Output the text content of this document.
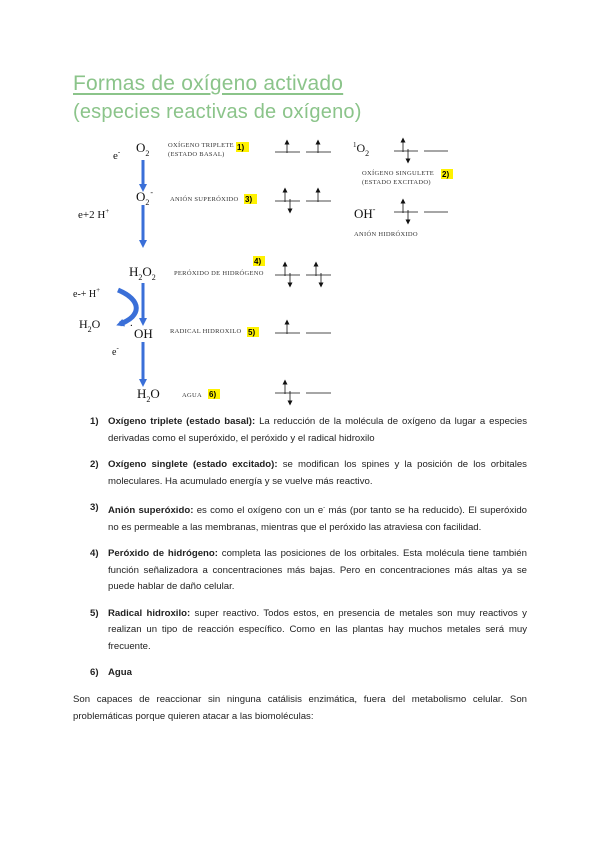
Formas de oxígeno activado
(especies reactivas de oxígeno)
e- $O_2$
$O_2^-$
e+2 H+
$H_2O_2$
e-+ H+
$H_2O$	.
OH
e-
$H_2O$
OXÍGENO TRIPLETE
(ESTADO BASAL)
ANIÓN SUPERÓXIDO
PERÓXIDO DE HIDRÓGENO
RADICAL HIDROXILO
AGUA
OXÍGENO SINGULETE
(ESTADO EXCITADO)
ANIÓN HIDRÓXIDO
1)
2)
3)
4)
5)
6)
$^1O_2$
OH-
1) Oxígeno triplete (estado basal): La reducción de la molécula de oxígeno da lugar a especies derivadas como el superóxido, el peróxido y el radical hidroxilo
2) Oxígeno singlete (estado excitado): se modifican los spines y la posición de los orbitales moleculares. Ha acumulado energía y se vuelve más reactivo.
3) Anión superóxido: es como el oxígeno con un e- más (por tanto se ha reducido). El superóxido no es permeable a las membranas, mientras que el peróxido las atraviesa con facilidad.
4) Peróxido de hidrógeno: completa las posiciones de los orbitales. Esta molécula tiene también función señalizadora a concentraciones más bajas. Pero en concentraciones más altas ya se puede hablar de daño celular.
5) Radical hidroxilo: super reactivo. Todos estos, en presencia de metales son muy reactivos y realizan un tipo de reacción específico. Como en las plantas hay muchos metales será muy frecuente.
6) Agua

Son capaces de reaccionar sin ninguna catálisis enzimática, fuera del metabolismo celular. Son problemáticas porque quieren atacar a las biomoléculas:
